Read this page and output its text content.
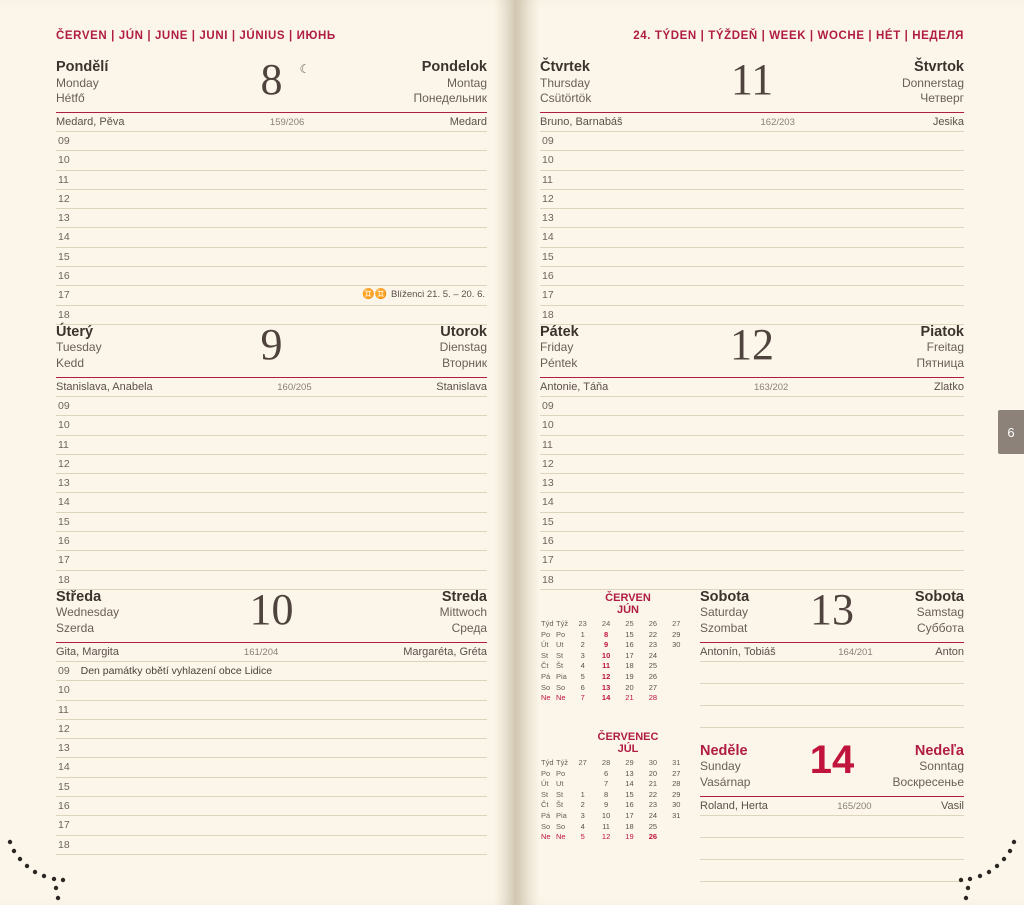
ČERVEN | JÚN | JUNE | JUNI | JÚNIUS | ИЮНЬ
Pondělí
Monday
Hétfő	8 ☾	Pondelok
Montag
Понедельник
Medard, Pěva	159/206	Medard
09
10
11
12
13
14
15
16
17	♊♊ Blíženci 21. 5. – 20. 6.
18
Úterý
Tuesday
Kedd	9	Utorok
Dienstag
Вторник
Stanislava, Anabela	160/205	Stanislava
09
10
11
12
13
14
15
16
17
18
Středa
Wednesday
Szerda	10	Streda
Mittwoch
Среда
Gita, Margita	161/204	Margaréta, Gréta
09 Den památky obětí vyhlazení obce Lidice
10
11
12
13
14
15
16
17
18
24. TÝDEN | TÝŽDEŇ | WEEK | WOCHE | HÉT | НЕДЕЛЯ
Čtvrtek
Thursday
Csütörtök	11	Štvrtok
Donnerstag
Четверг
Bruno, Barnabáš	162/203	Jesika
09
10
11
12
13
14
15
16
17
18
Pátek
Friday
Péntek	12	Piatok
Freitag
Пятница
Antonie, Táňa	163/202	Zlatko
09
10
11
12
13
14
15
16
17
18
ČERVEN
JÚN
Týd	Týž	23	24	25	26	27
Po	Po	1	8	15	22	29
Út	Ut	2	9	16	23	30
St	St	3	10	17	24	
Čt	Št	4	11	18	25	
Pá	Pia	5	12	19	26	
So	So	6	13	20	27	
Ne	Ne	7	14	21	28	
ČERVENEC
JÚL
Týd	Týž	27	28	29	30	31
Po	Po		6	13	20	27
Út	Ut		7	14	21	28
St	St	1	8	15	22	29
Čt	Št	2	9	16	23	30
Pá	Pia	3	10	17	24	31
So	So	4	11	18	25	
Ne	Ne	5	12	19	26	
Sobota
Saturday
Szombat 13	Sobota
Samstag
Суббота
Antonín, Tobiáš	164/201	Anton
Neděle
Sunday
Vasárnap 14	Nedeľa
Sonntag
Воскресенье
Roland, Herta	165/200	Vasil
6
